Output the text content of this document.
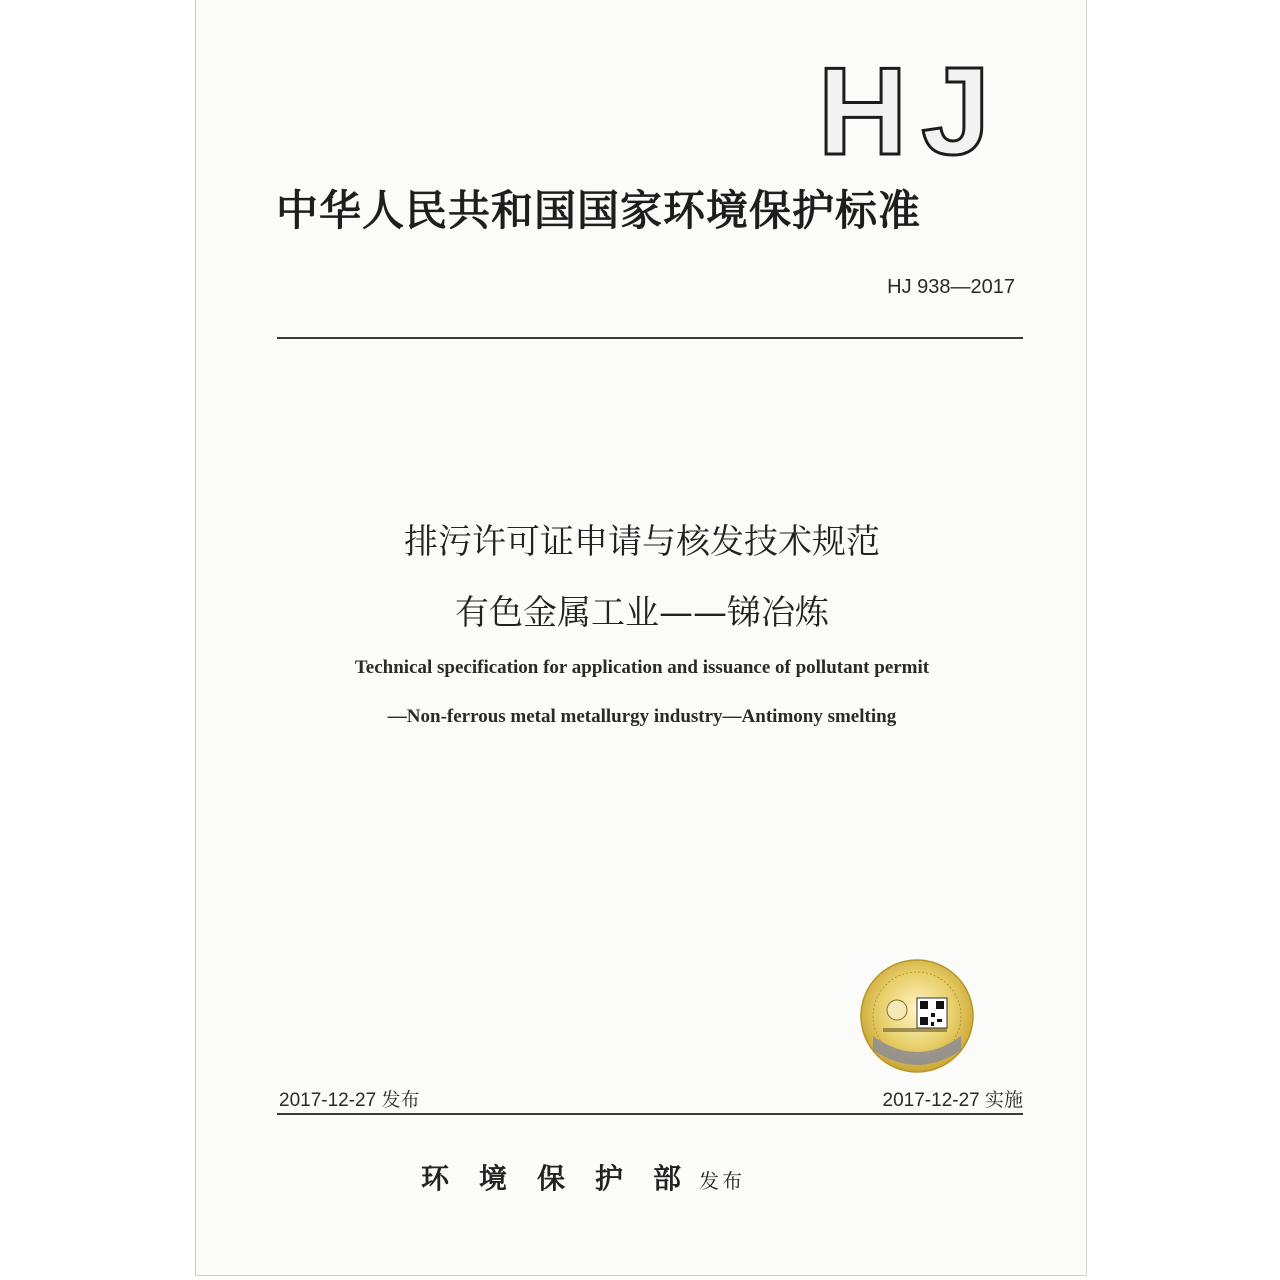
HJ
中华人民共和国国家环境保护标准
HJ 938—2017
排污许可证申请与核发技术规范
有色金属工业——锑冶炼
Technical specification for application and issuance of pollutant permit
—Non-ferrous metal metallurgy industry—Antimony smelting
2017-12-27 发布	2017-12-27 实施
环境保护部发布
